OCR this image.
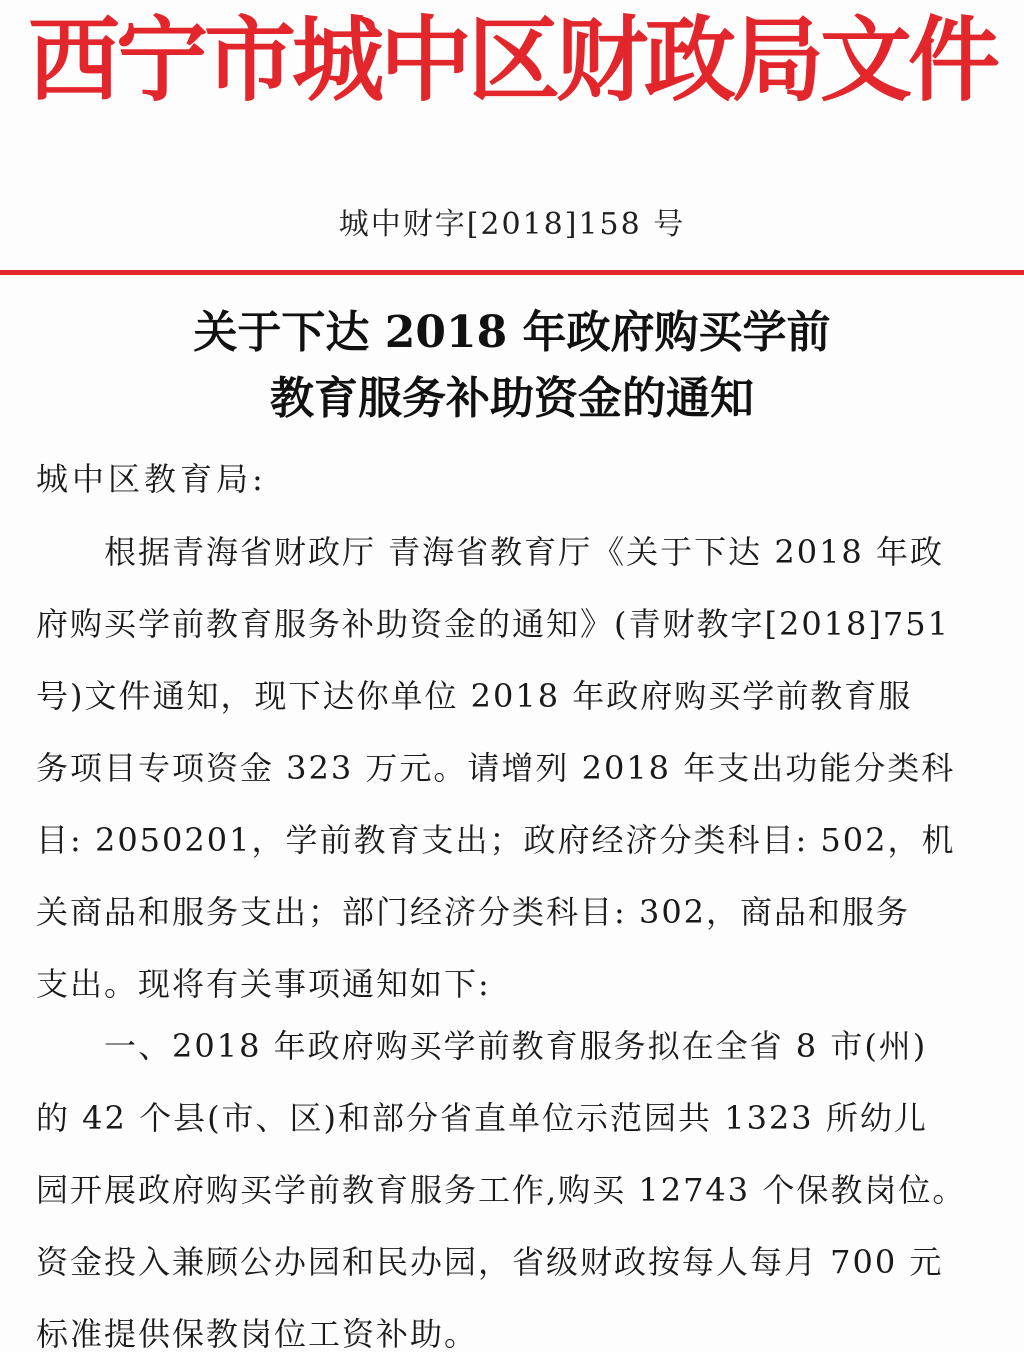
西宁市城中区财政局文件
城中财字[2018]158 号
关于下达 2018 年政府购买学前
教育服务补助资金的通知
城中区教育局:
　　根据青海省财政厅 青海省教育厅《关于下达 2018 年政
府购买学前教育服务补助资金的通知》(青财教字[2018]751
号)文件通知，现下达你单位 2018 年政府购买学前教育服
务项目专项资金 323 万元。请增列 2018 年支出功能分类科
目: 2050201，学前教育支出；政府经济分类科目: 502，机
关商品和服务支出；部门经济分类科目: 302，商品和服务
支出。现将有关事项通知如下:
　　一、2018 年政府购买学前教育服务拟在全省 8 市(州)
的 42 个县(市、区)和部分省直单位示范园共 1323 所幼儿
园开展政府购买学前教育服务工作,购买 12743 个保教岗位。
资金投入兼顾公办园和民办园，省级财政按每人每月 700 元
标准提供保教岗位工资补助。
